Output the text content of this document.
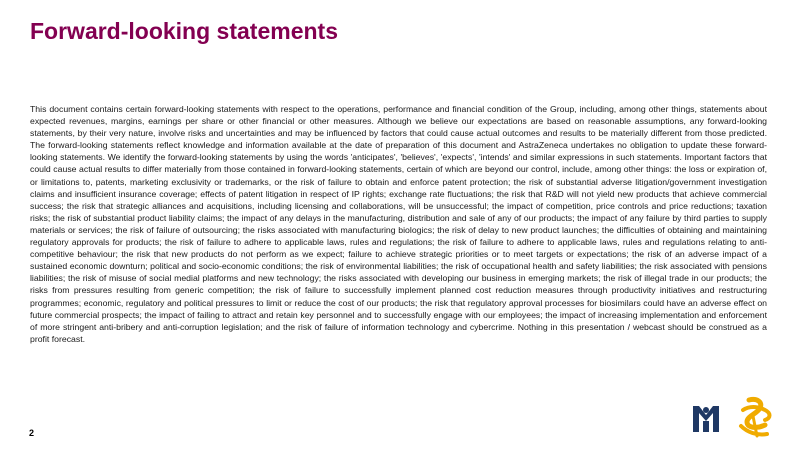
Forward-looking statements

This document contains certain forward-looking statements with respect to the operations, performance and financial condition of the Group, including, among other things, statements about expected revenues, margins, earnings per share or other financial or other measures. Although we believe our expectations are based on reasonable assumptions, any forward-looking statements, by their very nature, involve risks and uncertainties and may be influenced by factors that could cause actual outcomes and results to be materially different from those predicted. The forward-looking statements reflect knowledge and information available at the date of preparation of this document and AstraZeneca undertakes no obligation to update these forward-looking statements. We identify the forward-looking statements by using the words 'anticipates', 'believes', 'expects', 'intends' and similar expressions in such statements. Important factors that could cause actual results to differ materially from those contained in forward-looking statements, certain of which are beyond our control, include, among other things: the loss or expiration of, or limitations to, patents, marketing exclusivity or trademarks, or the risk of failure to obtain and enforce patent protection; the risk of substantial adverse litigation/government investigation claims and insufficient insurance coverage; effects of patent litigation in respect of IP rights; exchange rate fluctuations; the risk that R&D will not yield new products that achieve commercial success; the risk that strategic alliances and acquisitions, including licensing and collaborations, will be unsuccessful; the impact of competition, price controls and price reductions; taxation risks; the risk of substantial product liability claims; the impact of any delays in the manufacturing, distribution and sale of any of our products; the impact of any failure by third parties to supply materials or services; the risk of failure of outsourcing; the risks associated with manufacturing biologics; the risk of delay to new product launches; the difficulties of obtaining and maintaining regulatory approvals for products; the risk of failure to adhere to applicable laws, rules and regulations; the risk of failure to adhere to applicable laws, rules and regulations relating to anti-competitive behaviour; the risk that new products do not perform as we expect; failure to achieve strategic priorities or to meet targets or expectations; the risk of an adverse impact of a sustained economic downturn; political and socio-economic conditions; the risk of environmental liabilities; the risk of occupational health and safety liabilities; the risk associated with pensions liabilities; the risk of misuse of social medial platforms and new technology; the risks associated with developing our business in emerging markets; the risk of illegal trade in our products; the risks from pressures resulting from generic competition; the risk of failure to successfully implement planned cost reduction measures through productivity initiatives and restructuring programmes; economic, regulatory and political pressures to limit or reduce the cost of our products; the risk that regulatory approval processes for biosimilars could have an adverse effect on future commercial prospects; the impact of failing to attract and retain key personnel and to successfully engage with our employees; the impact of increasing implementation and enforcement of more stringent anti-bribery and anti-corruption legislation; and the risk of failure of information technology and cybercrime. Nothing in this presentation / webcast should be construed as a profit forecast.

2
